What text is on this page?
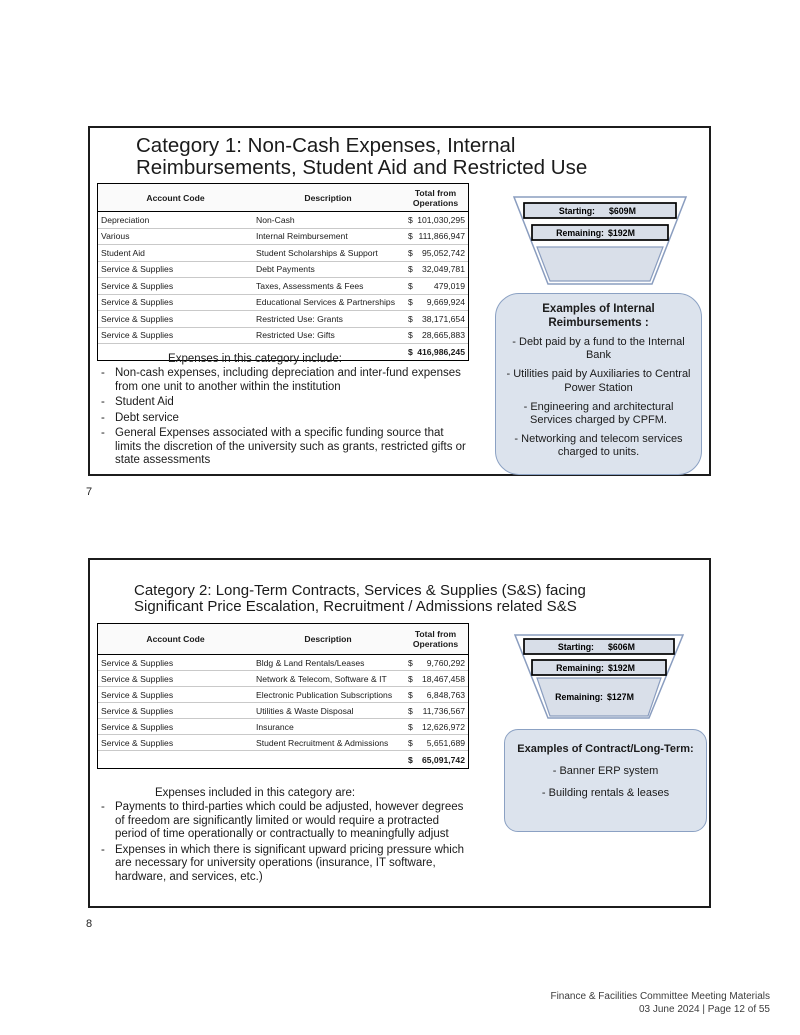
Category 1: Non-Cash Expenses, Internal
Reimbursements, Student Aid and Restricted Use
Account Code	Description	Total from Operations
Depreciation	Non-Cash	$ 101,030,295
Various	Internal Reimbursement	$ 111,866,947
Student Aid	Student Scholarships & Support	$ 95,052,742
Service & Supplies	Debt Payments	$ 32,049,781
Service & Supplies	Taxes, Assessments & Fees	$ 479,019
Service & Supplies	Educational Services & Partnerships	$ 9,669,924
Service & Supplies	Restricted Use: Grants	$ 38,171,654
Service & Supplies	Restricted Use: Gifts	$ 28,665,883
$ 416,986,245
Expenses in this category include:
- Non-cash expenses, including depreciation and inter-fund expenses from one unit to another within the institution
- Student Aid
- Debt service
- General Expenses associated with a specific funding source that limits the discretion of the university such as grants, restricted gifts or state assessments
Starting: $609M
Remaining: $192M
Examples of Internal Reimbursements :
- Debt paid by a fund to the Internal Bank
- Utilities paid by Auxiliaries to Central Power Station
- Engineering and architectural Services charged by CPFM.
- Networking and telecom services charged to units.
7
Category 2: Long-Term Contracts, Services & Supplies (S&S) facing
Significant Price Escalation, Recruitment / Admissions related S&S
Account Code	Description	Total from Operations
Service & Supplies	Bldg & Land Rentals/Leases	$ 9,760,292
Service & Supplies	Network & Telecom, Software & IT	$ 18,467,458
Service & Supplies	Electronic Publication Subscriptions	$ 6,848,763
Service & Supplies	Utilities & Waste Disposal	$ 11,736,567
Service & Supplies	Insurance	$ 12,626,972
Service & Supplies	Student Recruitment & Admissions	$ 5,651,689
$ 65,091,742
Expenses included in this category are:
- Payments to third-parties which could be adjusted, however degrees of freedom are significantly limited or would require a protracted period of time operationally or contractually to meaningfully adjust
- Expenses in which there is significant upward pricing pressure which are necessary for university operations (insurance, IT software, hardware, and services, etc.)
Remaining: $127M
Starting: $606M
Remaining: $192M
Examples of Contract/Long-Term:
- Banner ERP system
- Building rentals & leases
8
Finance & Facilities Committee Meeting Materials
03 June 2024 | Page 12 of 55
